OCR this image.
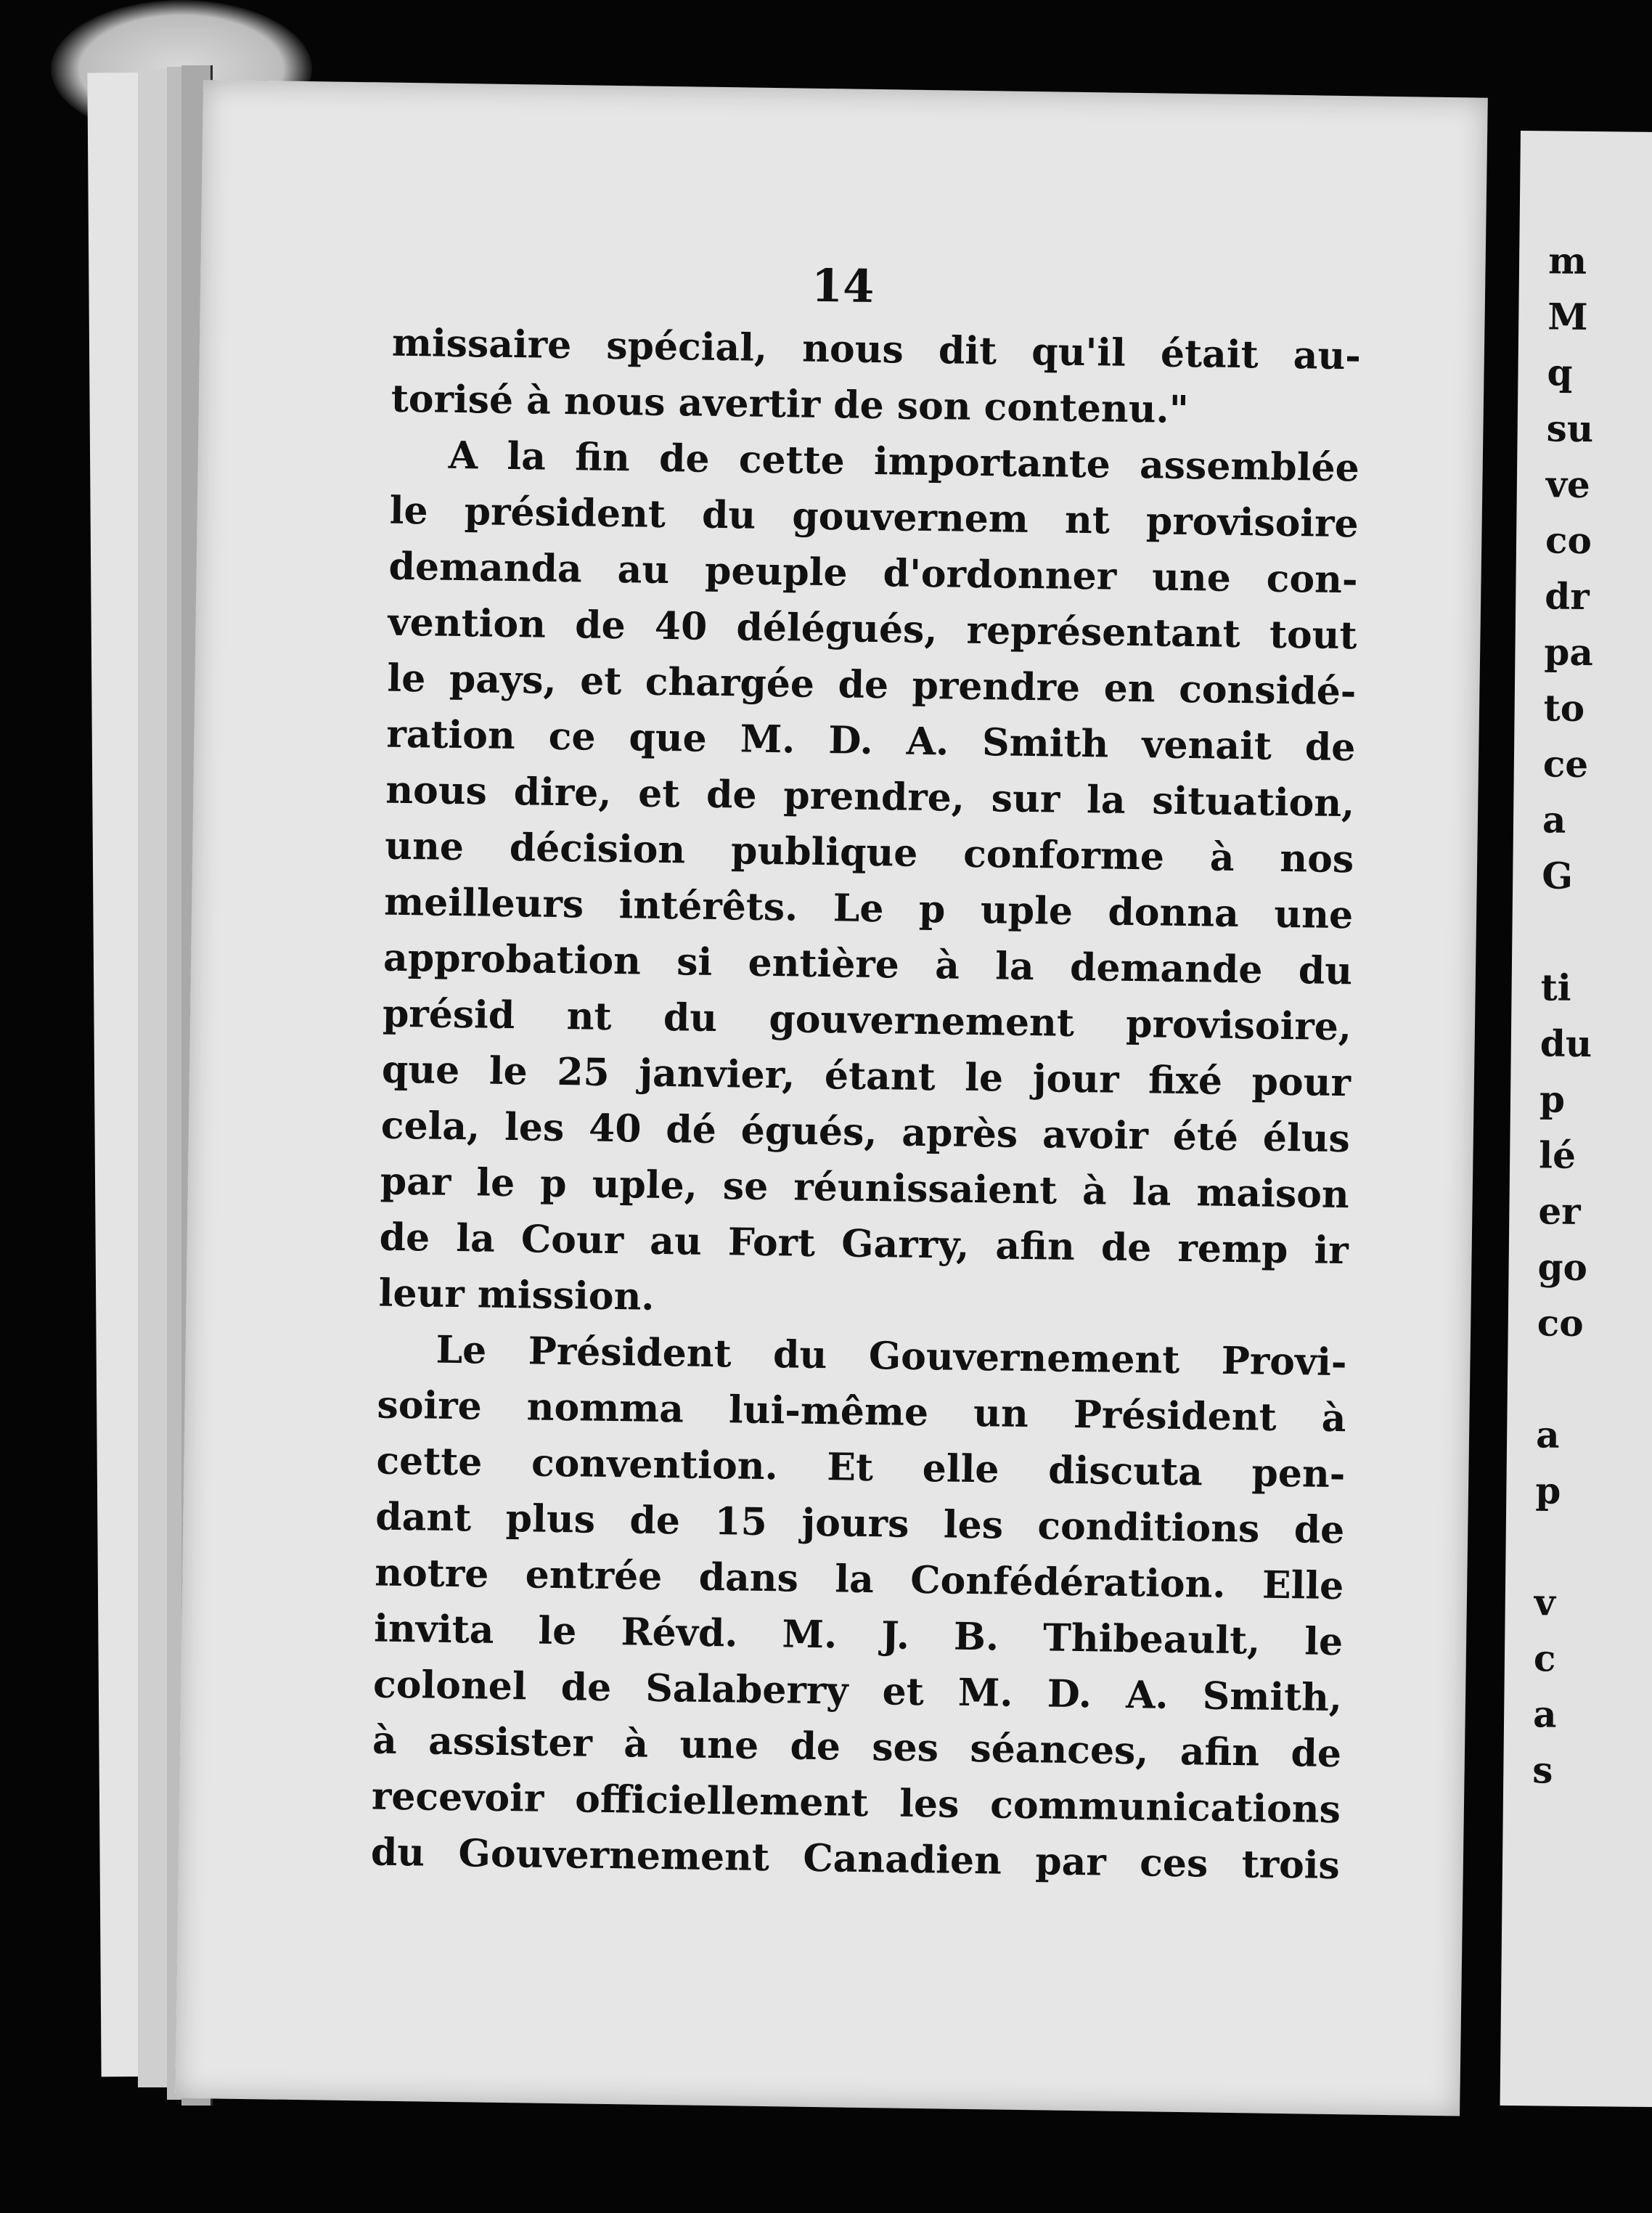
14
missaire spécial, nous dit qu'il était au-
torisé à nous avertir de son contenu."
A la fin de cette importante assemblée
le président du gouvernem nt provisoire
demanda au peuple d'ordonner une con-
vention de 40 délégués, représentant tout
le pays, et chargée de prendre en considé-
ration ce que M. D. A. Smith venait de
nous dire, et de prendre, sur la situation,
une décision publique conforme à nos
meilleurs intérêts. Le p uple donna une
approbation si entière à la demande du
présid nt du gouvernement provisoire,
que le 25 janvier, étant le jour fixé pour
cela, les 40 dé égués, après avoir été élus
par le p uple, se réunissaient à la maison
de la Cour au Fort Garry, afin de remp ir
leur mission.
Le Président du Gouvernement Provi-
soire nomma lui-même un Président à
cette convention. Et elle discuta pen-
dant plus de 15 jours les conditions de
notre entrée dans la Confédération. Elle
invita le Révd. M. J. B. Thibeault, le
colonel de Salaberry et M. D. A. Smith,
à assister à une de ses séances, afin de
recevoir officiellement les communications
du Gouvernement Canadien par ces trois
m
M
q
su
ve
co
dr
pa
to
ce
a
G
ti
du
p
lé
er
go
co
a
p
v
c
a
s
